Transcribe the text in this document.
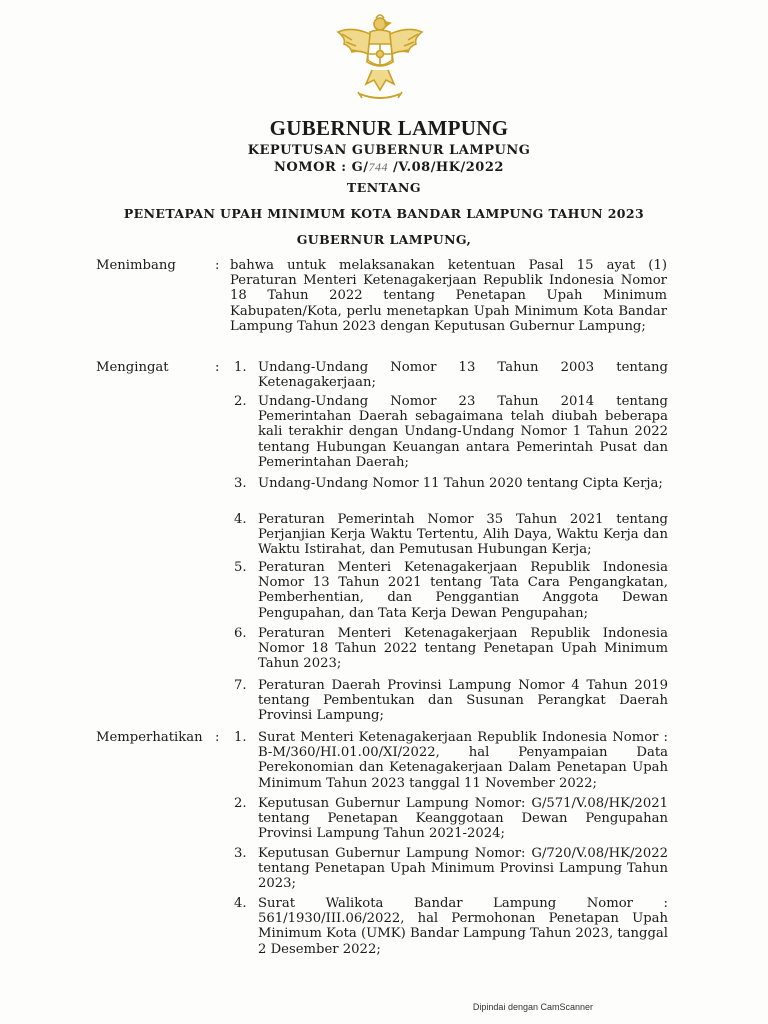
GUBERNUR LAMPUNG
KEPUTUSAN GUBERNUR LAMPUNG
NOMOR : G/744 /V.08/HK/2022
TENTANG
PENETAPAN UPAH MINIMUM KOTA BANDAR LAMPUNG TAHUN 2023
GUBERNUR LAMPUNG,
Menimbang	: bahwa untuk melaksanakan ketentuan Pasal 15 ayat (1) Peraturan Menteri Ketenagakerjaan Republik Indonesia Nomor 18 Tahun 2022 tentang Penetapan Upah Minimum Kabupaten/Kota, perlu menetapkan Upah Minimum Kota Bandar Lampung Tahun 2023 dengan Keputusan Gubernur Lampung;
Mengingat	: 1. Undang-Undang Nomor 13 Tahun 2003 tentang Ketenagakerjaan;
2. Undang-Undang Nomor 23 Tahun 2014 tentang Pemerintahan Daerah sebagaimana telah diubah beberapa kali terakhir dengan Undang-Undang Nomor 1 Tahun 2022 tentang Hubungan Keuangan antara Pemerintah Pusat dan Pemerintahan Daerah;
3. Undang-Undang Nomor 11 Tahun 2020 tentang Cipta Kerja;
4. Peraturan Pemerintah Nomor 35 Tahun 2021 tentang Perjanjian Kerja Waktu Tertentu, Alih Daya, Waktu Kerja dan Waktu Istirahat, dan Pemutusan Hubungan Kerja;
5. Peraturan Menteri Ketenagakerjaan Republik Indonesia Nomor 13 Tahun 2021 tentang Tata Cara Pengangkatan, Pemberhentian, dan Penggantian Anggota Dewan Pengupahan, dan Tata Kerja Dewan Pengupahan;
6. Peraturan Menteri Ketenagakerjaan Republik Indonesia Nomor 18 Tahun 2022 tentang Penetapan Upah Minimum Tahun 2023;
7. Peraturan Daerah Provinsi Lampung Nomor 4 Tahun 2019 tentang Pembentukan dan Susunan Perangkat Daerah Provinsi Lampung;
Memperhatikan : 1. Surat Menteri Ketenagakerjaan Republik Indonesia Nomor : B-M/360/HI.01.00/XI/2022, hal Penyampaian Data Perekonomian dan Ketenagakerjaan Dalam Penetapan Upah Minimum Tahun 2023 tanggal 11 November 2022;
2. Keputusan Gubernur Lampung Nomor: G/571/V.08/HK/2021 tentang Penetapan Keanggotaan Dewan Pengupahan Provinsi Lampung Tahun 2021-2024;
3. Keputusan Gubernur Lampung Nomor: G/720/V.08/HK/2022 tentang Penetapan Upah Minimum Provinsi Lampung Tahun 2023;
4. Surat Walikota Bandar Lampung Nomor : 561/1930/III.06/2022, hal Permohonan Penetapan Upah Minimum Kota (UMK) Bandar Lampung Tahun 2023, tanggal 2 Desember 2022;
Dipindai dengan CamScanner
